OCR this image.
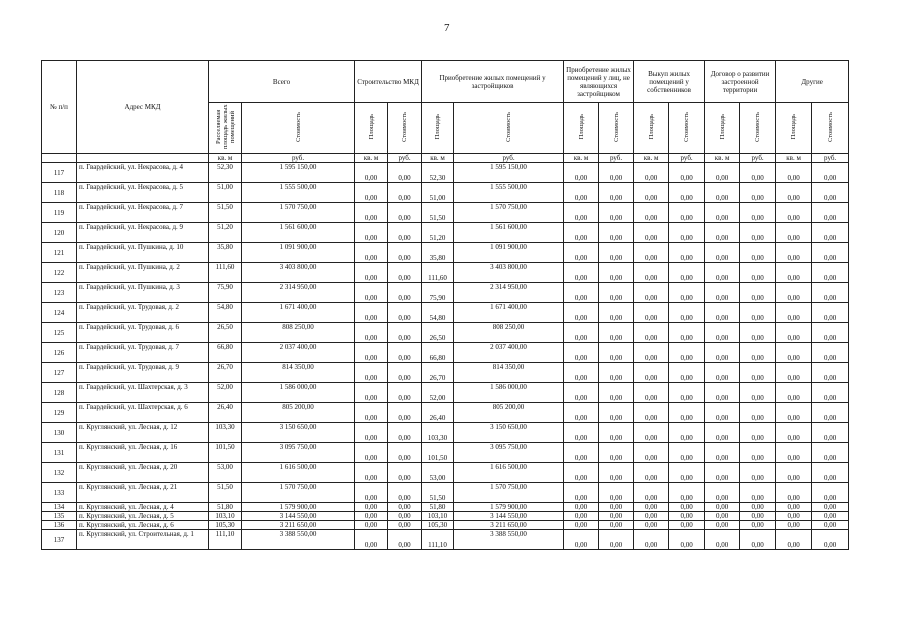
7
№ п/п	Адрес МКД	Всего		Строительство МКД		Приобретение жилых помещений у застройщиков		Приобретение жилых помещений у лиц, не являющихся застройщиком		Выкуп жилых помещений у собственников		Договор о развитии застроенной территории		Другие	
		Расселяемая площадь жилых помещений	Стоимость	Площадь	Стоимость	Площадь	Стоимость	Площадь	Стоимость	Площадь	Стоимость	Площадь	Стоимость	Площадь	Стоимость
		кв. м	руб.	кв. м	руб.	кв. м	руб.	кв. м	руб.	кв. м	руб.	кв. м	руб.	кв. м	руб.
117	п. Гвардейский, ул. Некрасова, д. 4	52,30	1 595 150,00	0,00	0,00	52,30	1 595 150,00	0,00	0,00	0,00	0,00	0,00	0,00	0,00	0,00
118	п. Гвардейский, ул. Некрасова, д. 5	51,00	1 555 500,00	0,00	0,00	51,00	1 555 500,00	0,00	0,00	0,00	0,00	0,00	0,00	0,00	0,00
119	п. Гвардейский, ул. Некрасова, д. 7	51,50	1 570 750,00	0,00	0,00	51,50	1 570 750,00	0,00	0,00	0,00	0,00	0,00	0,00	0,00	0,00
120	п. Гвардейский, ул. Некрасова, д. 9	51,20	1 561 600,00	0,00	0,00	51,20	1 561 600,00	0,00	0,00	0,00	0,00	0,00	0,00	0,00	0,00
121	п. Гвардейский, ул. Пушкина, д. 10	35,80	1 091 900,00	0,00	0,00	35,80	1 091 900,00	0,00	0,00	0,00	0,00	0,00	0,00	0,00	0,00
122	п. Гвардейский, ул. Пушкина, д. 2	111,60	3 403 800,00	0,00	0,00	111,60	3 403 800,00	0,00	0,00	0,00	0,00	0,00	0,00	0,00	0,00
123	п. Гвардейский, ул. Пушкина, д. 3	75,90	2 314 950,00	0,00	0,00	75,90	2 314 950,00	0,00	0,00	0,00	0,00	0,00	0,00	0,00	0,00
124	п. Гвардейский, ул. Трудовая, д. 2	54,80	1 671 400,00	0,00	0,00	54,80	1 671 400,00	0,00	0,00	0,00	0,00	0,00	0,00	0,00	0,00
125	п. Гвардейский, ул. Трудовая, д. 6	26,50	808 250,00	0,00	0,00	26,50	808 250,00	0,00	0,00	0,00	0,00	0,00	0,00	0,00	0,00
126	п. Гвардейский, ул. Трудовая, д. 7	66,80	2 037 400,00	0,00	0,00	66,80	2 037 400,00	0,00	0,00	0,00	0,00	0,00	0,00	0,00	0,00
127	п. Гвардейский, ул. Трудовая, д. 9	26,70	814 350,00	0,00	0,00	26,70	814 350,00	0,00	0,00	0,00	0,00	0,00	0,00	0,00	0,00
128	п. Гвардейский, ул. Шахтерская, д. 3	52,00	1 586 000,00	0,00	0,00	52,00	1 586 000,00	0,00	0,00	0,00	0,00	0,00	0,00	0,00	0,00
129	п. Гвардейский, ул. Шахтерская, д. 6	26,40	805 200,00	0,00	0,00	26,40	805 200,00	0,00	0,00	0,00	0,00	0,00	0,00	0,00	0,00
130	п. Круглянский, ул. Лесная, д. 12	103,30	3 150 650,00	0,00	0,00	103,30	3 150 650,00	0,00	0,00	0,00	0,00	0,00	0,00	0,00	0,00
131	п. Круглянский, ул. Лесная, д. 16	101,50	3 095 750,00	0,00	0,00	101,50	3 095 750,00	0,00	0,00	0,00	0,00	0,00	0,00	0,00	0,00
132	п. Круглянский, ул. Лесная, д. 20	53,00	1 616 500,00	0,00	0,00	53,00	1 616 500,00	0,00	0,00	0,00	0,00	0,00	0,00	0,00	0,00
133	п. Круглянский, ул. Лесная, д. 21	51,50	1 570 750,00	0,00	0,00	51,50	1 570 750,00	0,00	0,00	0,00	0,00	0,00	0,00	0,00	0,00
134	п. Круглянский, ул. Лесная, д. 4	51,80	1 579 900,00	0,00	0,00	51,80	1 579 900,00	0,00	0,00	0,00	0,00	0,00	0,00	0,00	0,00
135	п. Круглянский, ул. Лесная, д. 5	103,10	3 144 550,00	0,00	0,00	103,10	3 144 550,00	0,00	0,00	0,00	0,00	0,00	0,00	0,00	0,00
136	п. Круглянский, ул. Лесная, д. 6	105,30	3 211 650,00	0,00	0,00	105,30	3 211 650,00	0,00	0,00	0,00	0,00	0,00	0,00	0,00	0,00
137	п. Круглянский, ул. Строительная, д. 1	111,10	3 388 550,00	0,00	0,00	111,10	3 388 550,00	0,00	0,00	0,00	0,00	0,00	0,00	0,00	0,00
